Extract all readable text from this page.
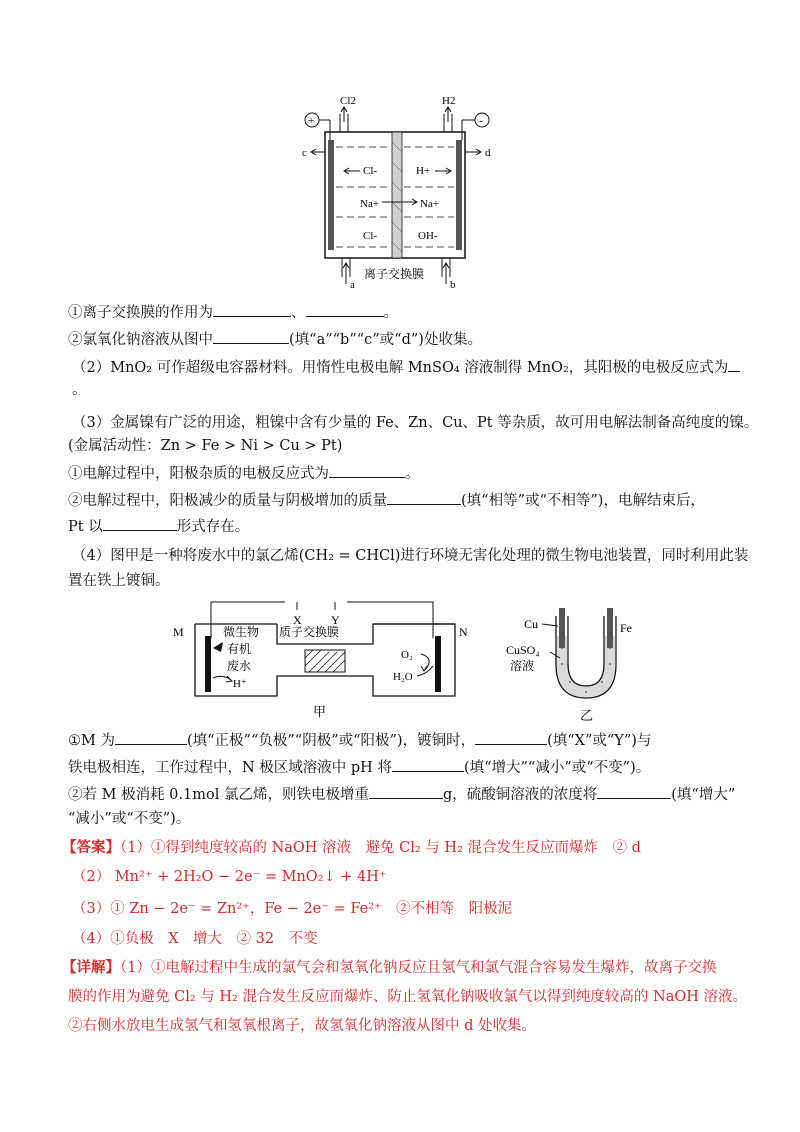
Cl2	H2
+	-
c	d
Cl-	H+
Na+	Na+
Cl-	OH-
a	b
离子交换膜
①离子交换膜的作用为	、	。
②氯氧化钠溶液从图中	(填“a”“b”“c”或“d”)处收集。
（2）MnO₂ 可作超级电容器材料。用惰性电极电解 MnSO₄ 溶液制得 MnO₂，其阳极的电极反应式为
。
（3）金属镍有广泛的用途，粗镍中含有少量的 Fe、Zn、Cu、Pt 等杂质，故可用电解法制备高纯度的镍。
(金属活动性：Zn > Fe > Ni > Cu > Pt)
①电解过程中，阳极杂质的电极反应式为	。
②电解过程中，阳极减少的质量与阴极增加的质量	(填“相等”或“不相等”)，电解结束后，
Pt 以	形式存在。
（4）图甲是一种将废水中的氯乙烯(CH₂ = CHCl)进行环境无害化处理的微生物电池装置，同时利用此装
置在铁上镀铜。
X Y
M	N
质子交换膜
微生物
有机
废水
H⁺
O₂
H₂O
甲
Cu	Fe
CuSO₄
溶液
乙
①M 为	(填“正极”“负极”“阴极”或“阳极”)，镀铜时，	(填“X”或“Y”)与
铁电极相连，工作过程中，N 极区域溶液中 pH 将	(填“增大”“减小”或“不变”)。
②若 M 极消耗 0.1mol 氯乙烯，则铁电极增重	g，硫酸铜溶液的浓度将	(填“增大”
“减小”或“不变”)。
【答案】（1）①得到纯度较高的 NaOH 溶液　避免 Cl₂ 与 H₂ 混合发生反应而爆炸　② d
（2） Mn²⁺ + 2H₂O − 2e⁻ = MnO₂↓ + 4H⁺
（3）① Zn − 2e⁻ = Zn²⁺，Fe − 2e⁻ = Fe²⁺　②不相等　阳极泥
（4）①负极　X　增大　② 32　不变
【详解】（1）①电解过程中生成的氯气会和氢氧化钠反应且氢气和氯气混合容易发生爆炸，故离子交换
膜的作用为避免 Cl₂ 与 H₂ 混合发生反应而爆炸、防止氢氧化钠吸收氯气以得到纯度较高的 NaOH 溶液。
②右侧水放电生成氢气和氢氧根离子，故氢氧化钠溶液从图中 d 处收集。
